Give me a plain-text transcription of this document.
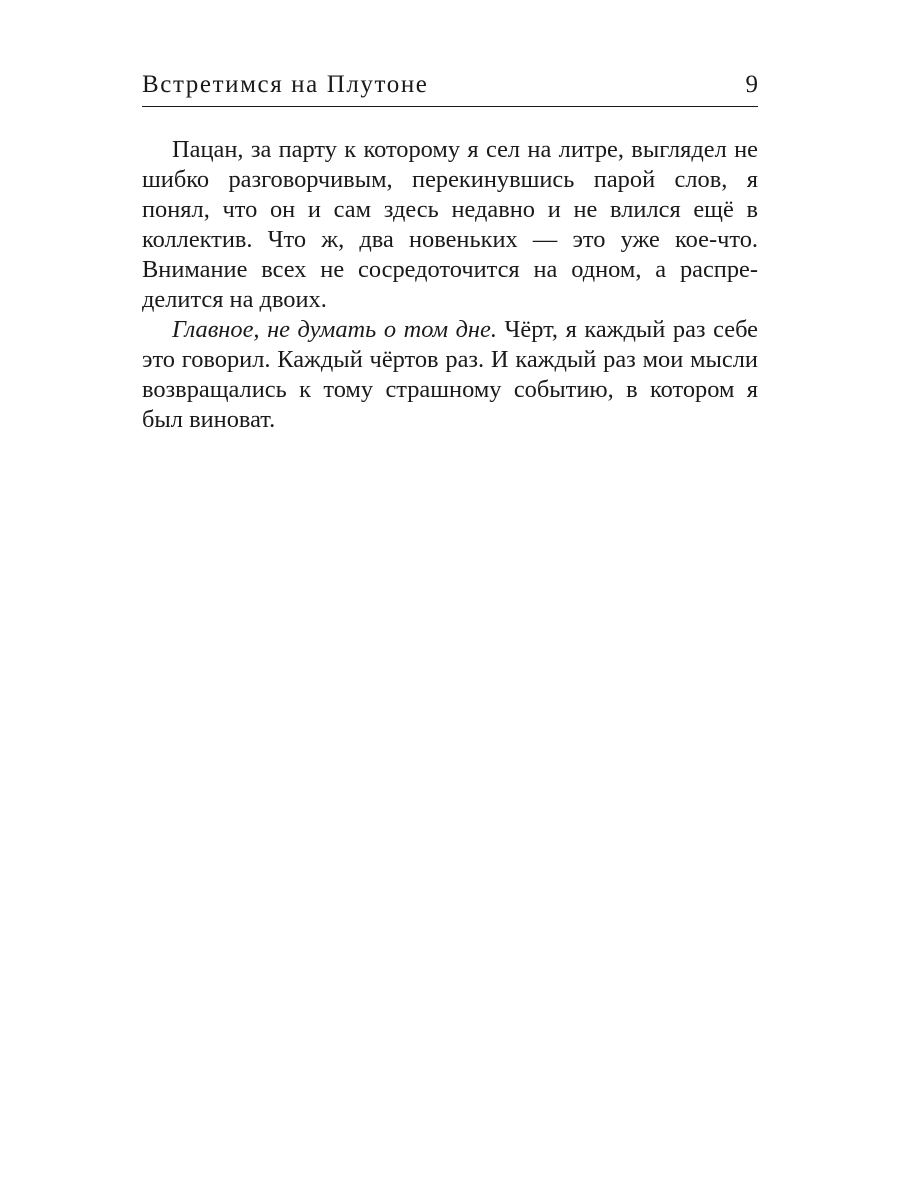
Встретимся на Плутоне	9

Пацан, за парту к которому я сел на литре, выглядел не шибко разговорчивым, перекинувшись парой слов, я понял, что он и сам здесь недавно и не влился ещё в коллектив. Что ж, два новеньких — это уже кое-что. Внимание всех не сосредоточится на одном, а распределится на двоих.

Главное, не думать о том дне. Чёрт, я каждый раз себе это говорил. Каждый чёртов раз. И каждый раз мои мысли возвращались к тому страшному событию, в котором я был виноват.
